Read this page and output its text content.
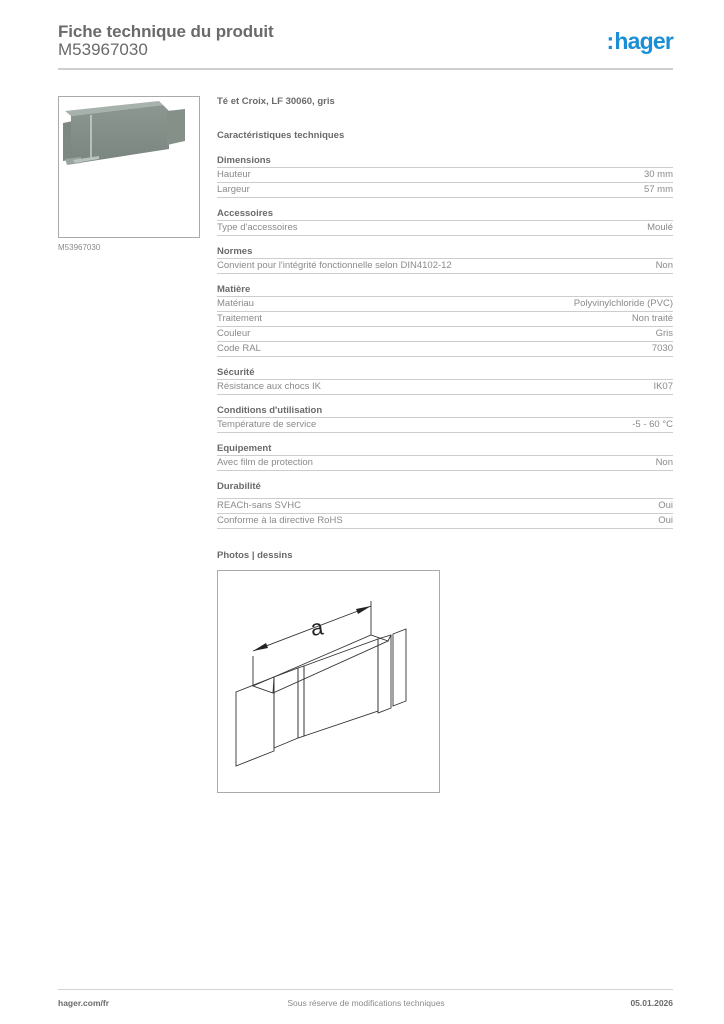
Fiche technique du produit
M53967030	:hager
M53967030
Té et Croix, LF 30060, gris
Caractéristiques techniques
Dimensions
Hauteur	30 mm
Largeur	57 mm
Accessoires
Type d'accessoires	Moulé
Normes
Convient pour l'intégrité fonctionnelle selon DIN4102-12	Non
Matière
Matériau	Polyvinylchloride (PVC)
Traitement	Non traité
Couleur	Gris
Code RAL	7030
Sécurité
Résistance aux chocs IK	IK07
Conditions d'utilisation
Température de service	-5 - 60 °C
Equipement
Avec film de protection	Non
Durabilité
REACh-sans SVHC	Oui
Conforme à la directive RoHS	Oui
Photos | dessins
a
hager.com/fr	Sous réserve de modifications techniques	05.01.2026
